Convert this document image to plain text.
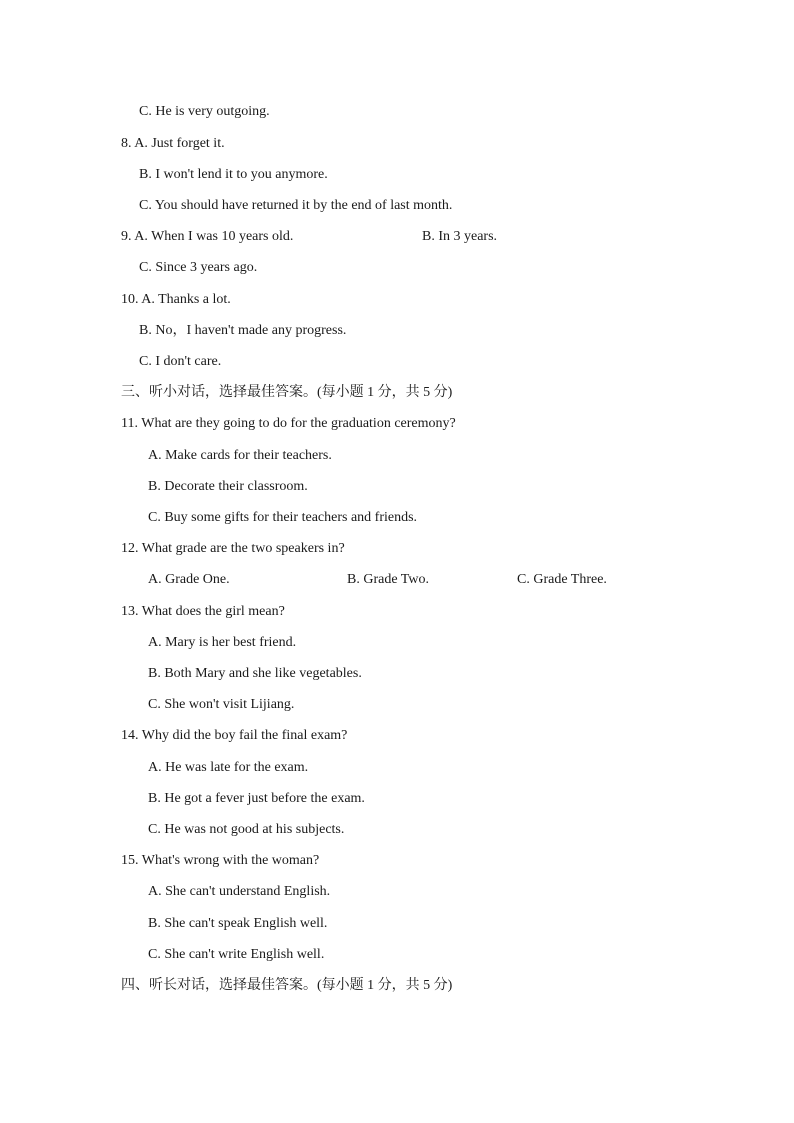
C. He is very outgoing.
8. A. Just forget it.
B. I won't lend it to you anymore.
C. You should have returned it by the end of last month.
9. A. When I was 10 years old.	B. In 3 years.
C. Since 3 years ago.
10. A. Thanks a lot.
B. No，I haven't made any progress.
C. I don't care.
三、听小对话，选择最佳答案。(每小题 1 分，共 5 分)
11. What are they going to do for the graduation ceremony?
A. Make cards for their teachers.
B. Decorate their classroom.
C. Buy some gifts for their teachers and friends.
12. What grade are the two speakers in?
A. Grade One.	B. Grade Two.	C. Grade Three.
13. What does the girl mean?
A. Mary is her best friend.
B. Both Mary and she like vegetables.
C. She won't visit Lijiang.
14. Why did the boy fail the final exam?
A. He was late for the exam.
B. He got a fever just before the exam.
C. He was not good at his subjects.
15. What's wrong with the woman?
A. She can't understand English.
B. She can't speak English well.
C. She can't write English well.
四、听长对话，选择最佳答案。(每小题 1 分，共 5 分)
